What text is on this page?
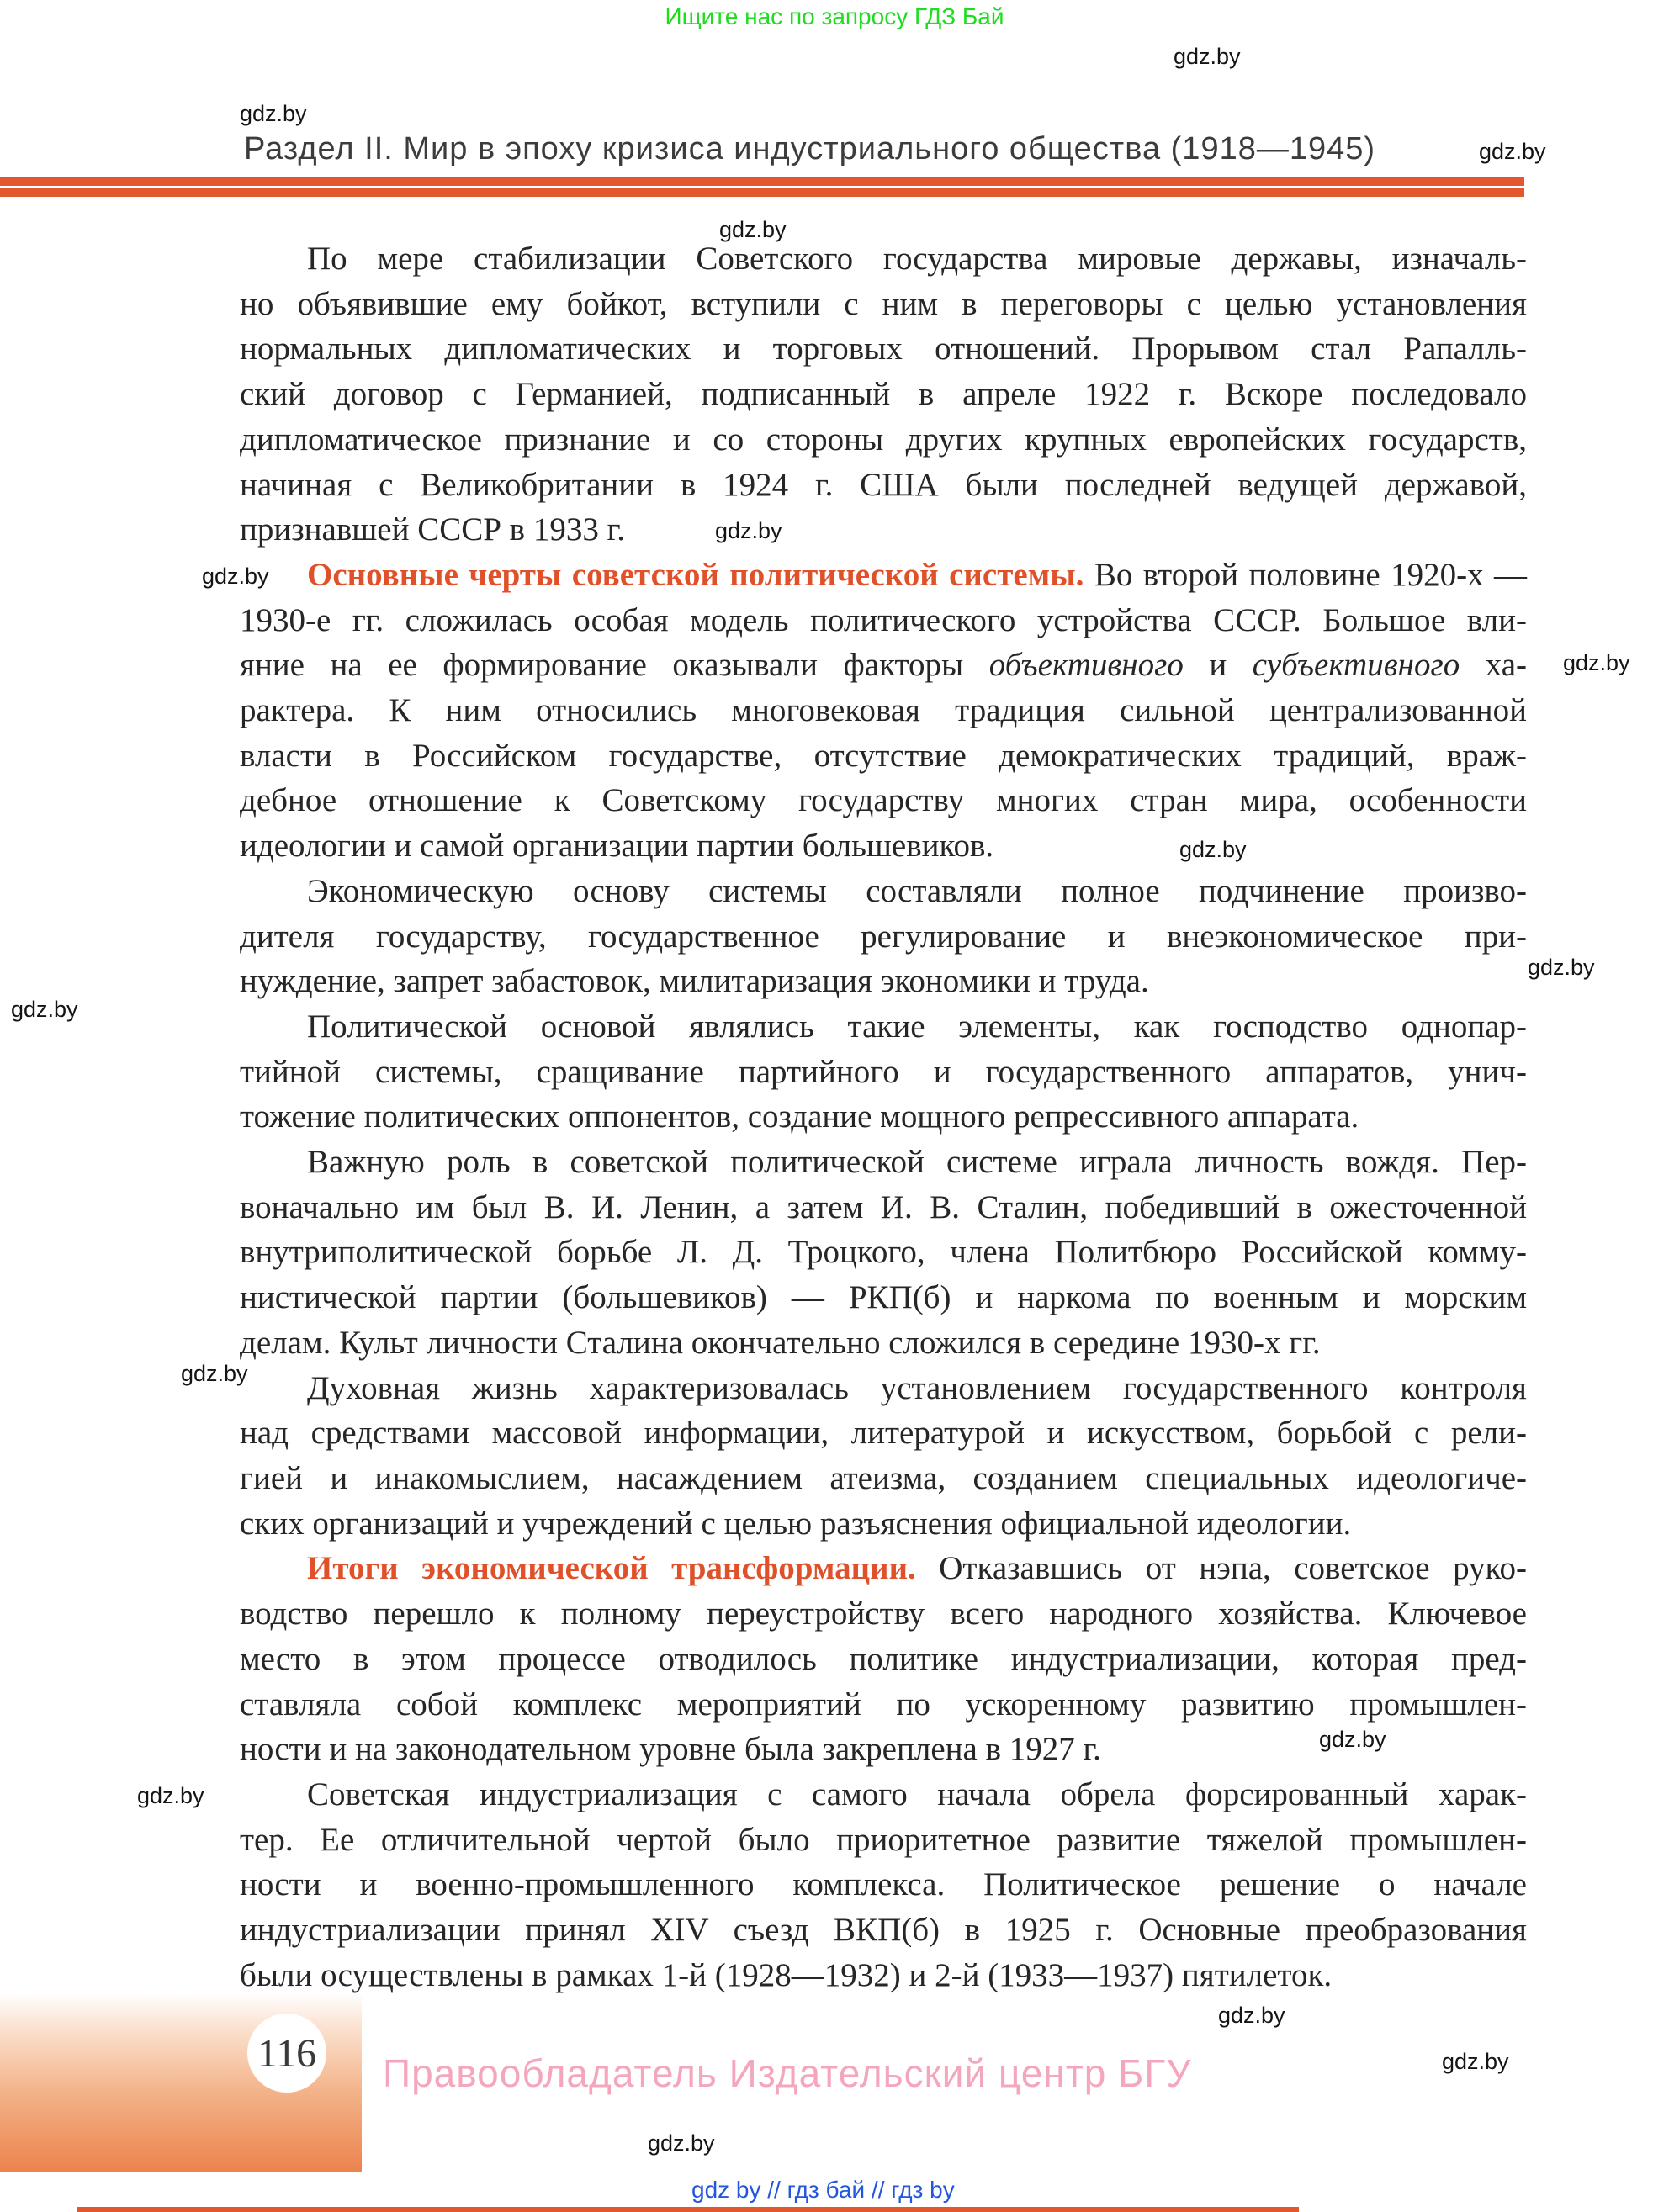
Ищите нас по запросу ГДЗ Бай
Раздел II. Мир в эпоху кризиса индустриального общества (1918—1945)
По мере стабилизации Советского государства мировые державы, изначаль-
но объявившие ему бойкот, вступили с ним в переговоры с целью установления
нормальных дипломатических и торговых отношений. Прорывом стал Рапалль-
ский договор с Германией, подписанный в апреле 1922 г. Вскоре последовало
дипломатическое признание и со стороны других крупных европейских государств,
начиная с Великобритании в 1924 г. США были последней ведущей державой,
признавшей СССР в 1933 г.
Основные черты советской политической системы. Во второй половине 1920-х —
1930-е гг. сложилась особая модель политического устройства СССР. Большое вли-
яние на ее формирование оказывали факторы объективного и субъективного ха-
рактера. К ним относились многовековая традиция сильной централизованной
власти в Российском государстве, отсутствие демократических традиций, враж-
дебное отношение к Советскому государству многих стран мира, особенности
идеологии и самой организации партии большевиков.
Экономическую основу системы составляли полное подчинение произво-
дителя государству, государственное регулирование и внеэкономическое при-
нуждение, запрет забастовок, милитаризация экономики и труда.
Политической основой являлись такие элементы, как господство однопар-
тийной системы, сращивание партийного и государственного аппаратов, унич-
тожение политических оппонентов, создание мощного репрессивного аппарата.
Важную роль в советской политической системе играла личность вождя. Пер-
воначально им был В. И. Ленин, а затем И. В. Сталин, победивший в ожесточенной
внутриполитической борьбе Л. Д. Троцкого, члена Политбюро Российской комму-
нистической партии (большевиков) — РКП(б) и наркома по военным и морским
делам. Культ личности Сталина окончательно сложился в середине 1930-х гг.
Духовная жизнь характеризовалась установлением государственного контроля
над средствами массовой информации, литературой и искусством, борьбой с рели-
гией и инакомыслием, насаждением атеизма, созданием специальных идеологиче-
ских организаций и учреждений с целью разъяснения официальной идеологии.
Итоги экономической трансформации. Отказавшись от нэпа, советское руко-
водство перешло к полному переустройству всего народного хозяйства. Ключевое
место в этом процессе отводилось политике индустриализации, которая пред-
ставляла собой комплекс мероприятий по ускоренному развитию промышлен-
ности и на законодательном уровне была закреплена в 1927 г.
Советская индустриализация с самого начала обрела форсированный харак-
тер. Ее отличительной чертой было приоритетное развитие тяжелой промышлен-
ности и военно-промышленного комплекса. Политическое решение о начале
индустриализации принял XIV съезд ВКП(б) в 1925 г. Основные преобразования
были осуществлены в рамках 1-й (1928—1932) и 2-й (1933—1937) пятилеток.
116 Правообладатель Издательский центр БГУ
gdz by // гдз бай // гдз by
gdz.by
gdz.by
gdz.by
gdz.by
gdz.by
gdz.by
gdz.by
gdz.by
gdz.by
gdz.by
gdz.by
gdz.by
gdz.by
gdz.by
gdz.by
gdz.by
